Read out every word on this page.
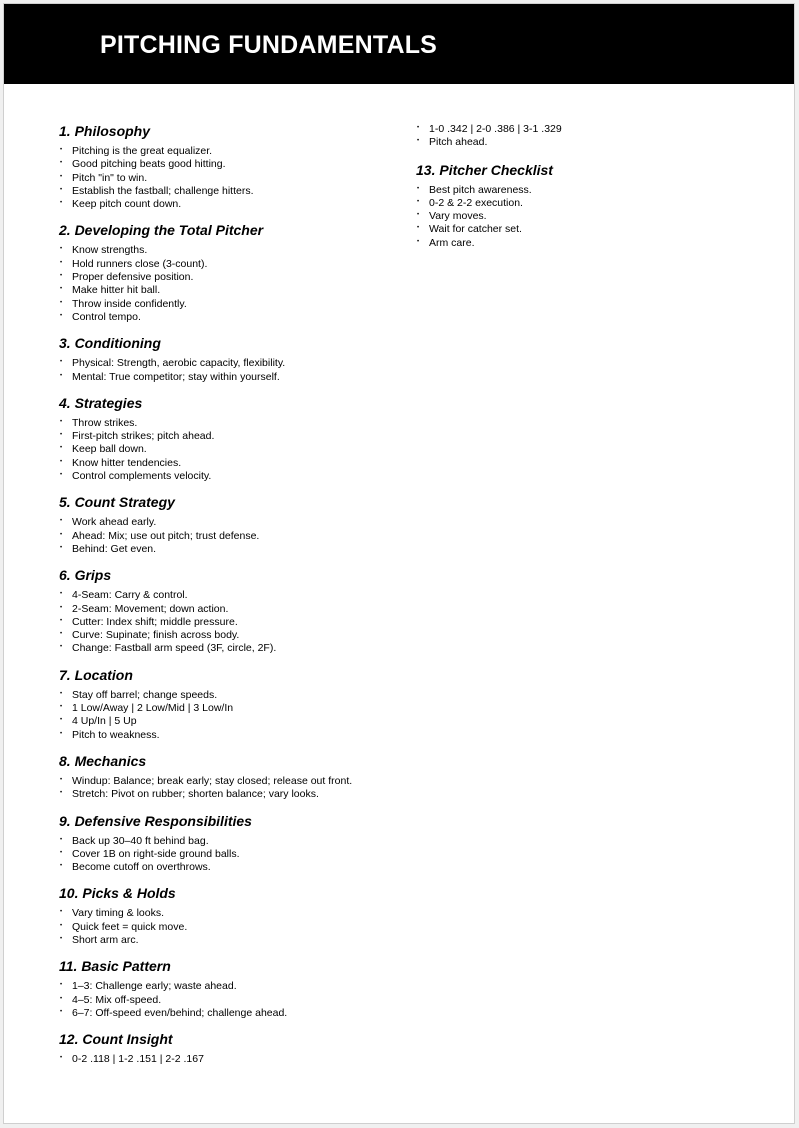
PITCHING FUNDAMENTALS
1. Philosophy
• Pitching is the great equalizer.
• Good pitching beats good hitting.
• Pitch "in" to win.
• Establish the fastball; challenge hitters.
• Keep pitch count down.
2. Developing the Total Pitcher
• Know strengths.
• Hold runners close (3-count).
• Proper defensive position.
• Make hitter hit ball.
• Throw inside confidently.
• Control tempo.
3. Conditioning
• Physical: Strength, aerobic capacity, flexibility.
• Mental: True competitor; stay within yourself.
4. Strategies
• Throw strikes.
• First-pitch strikes; pitch ahead.
• Keep ball down.
• Know hitter tendencies.
• Control complements velocity.
5. Count Strategy
• Work ahead early.
• Ahead: Mix; use out pitch; trust defense.
• Behind: Get even.
6. Grips
• 4-Seam: Carry & control.
• 2-Seam: Movement; down action.
• Cutter: Index shift; middle pressure.
• Curve: Supinate; finish across body.
• Change: Fastball arm speed (3F, circle, 2F).
7. Location
• Stay off barrel; change speeds.
• 1 Low/Away | 2 Low/Mid | 3 Low/In
• 4 Up/In | 5 Up
• Pitch to weakness.
8. Mechanics
• Windup: Balance; break early; stay closed; release out front.
• Stretch: Pivot on rubber; shorten balance; vary looks.
9. Defensive Responsibilities
• Back up 30–40 ft behind bag.
• Cover 1B on right-side ground balls.
• Become cutoff on overthrows.
10. Picks & Holds
• Vary timing & looks.
• Quick feet = quick move.
• Short arm arc.
11. Basic Pattern
• 1–3: Challenge early; waste ahead.
• 4–5: Mix off-speed.
• 6–7: Off-speed even/behind; challenge ahead.
12. Count Insight
• 0-2 .118 | 1-2 .151 | 2-2 .167
• 1-0 .342 | 2-0 .386 | 3-1 .329
• Pitch ahead.
13. Pitcher Checklist
• Best pitch awareness.
• 0-2 & 2-2 execution.
• Vary moves.
• Wait for catcher set.
• Arm care.
